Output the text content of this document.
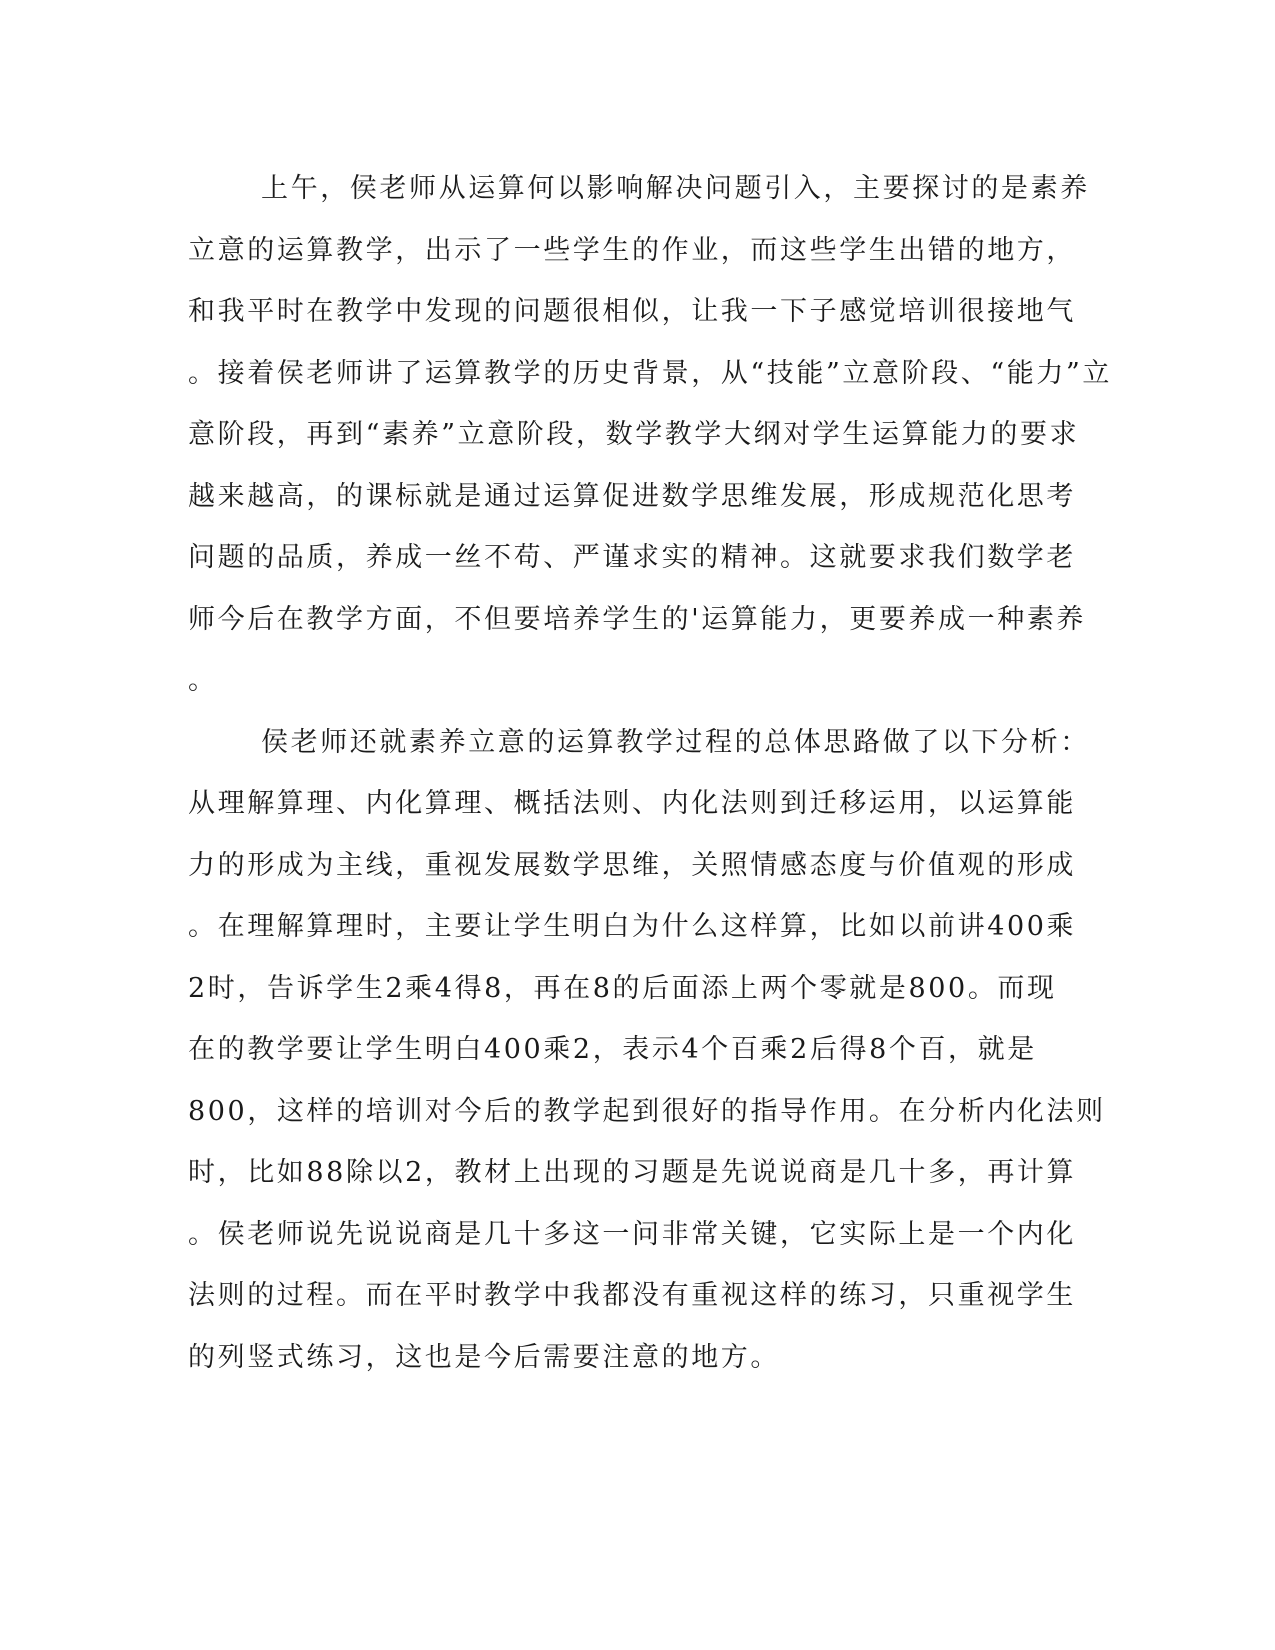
上午，侯老师从运算何以影响解决问题引入，主要探讨的是素养
立意的运算教学，出示了一些学生的作业，而这些学生出错的地方，
和我平时在教学中发现的问题很相似，让我一下子感觉培训很接地气
。接着侯老师讲了运算教学的历史背景，从“技能”立意阶段、“能力”立
意阶段，再到“素养”立意阶段，数学教学大纲对学生运算能力的要求
越来越高，的课标就是通过运算促进数学思维发展，形成规范化思考
问题的品质，养成一丝不苟、严谨求实的精神。这就要求我们数学老
师今后在教学方面，不但要培养学生的'运算能力，更要养成一种素养
。
侯老师还就素养立意的运算教学过程的总体思路做了以下分析：
从理解算理、内化算理、概括法则、内化法则到迁移运用，以运算能
力的形成为主线，重视发展数学思维，关照情感态度与价值观的形成
。在理解算理时，主要让学生明白为什么这样算，比如以前讲400乘
2时，告诉学生2乘4得8，再在8的后面添上两个零就是800。而现
在的教学要让学生明白400乘2，表示4个百乘2后得8个百，就是
800，这样的培训对今后的教学起到很好的指导作用。在分析内化法则
时，比如88除以2，教材上出现的习题是先说说商是几十多，再计算
。侯老师说先说说商是几十多这一问非常关键，它实际上是一个内化
法则的过程。而在平时教学中我都没有重视这样的练习，只重视学生
的列竖式练习，这也是今后需要注意的地方。
